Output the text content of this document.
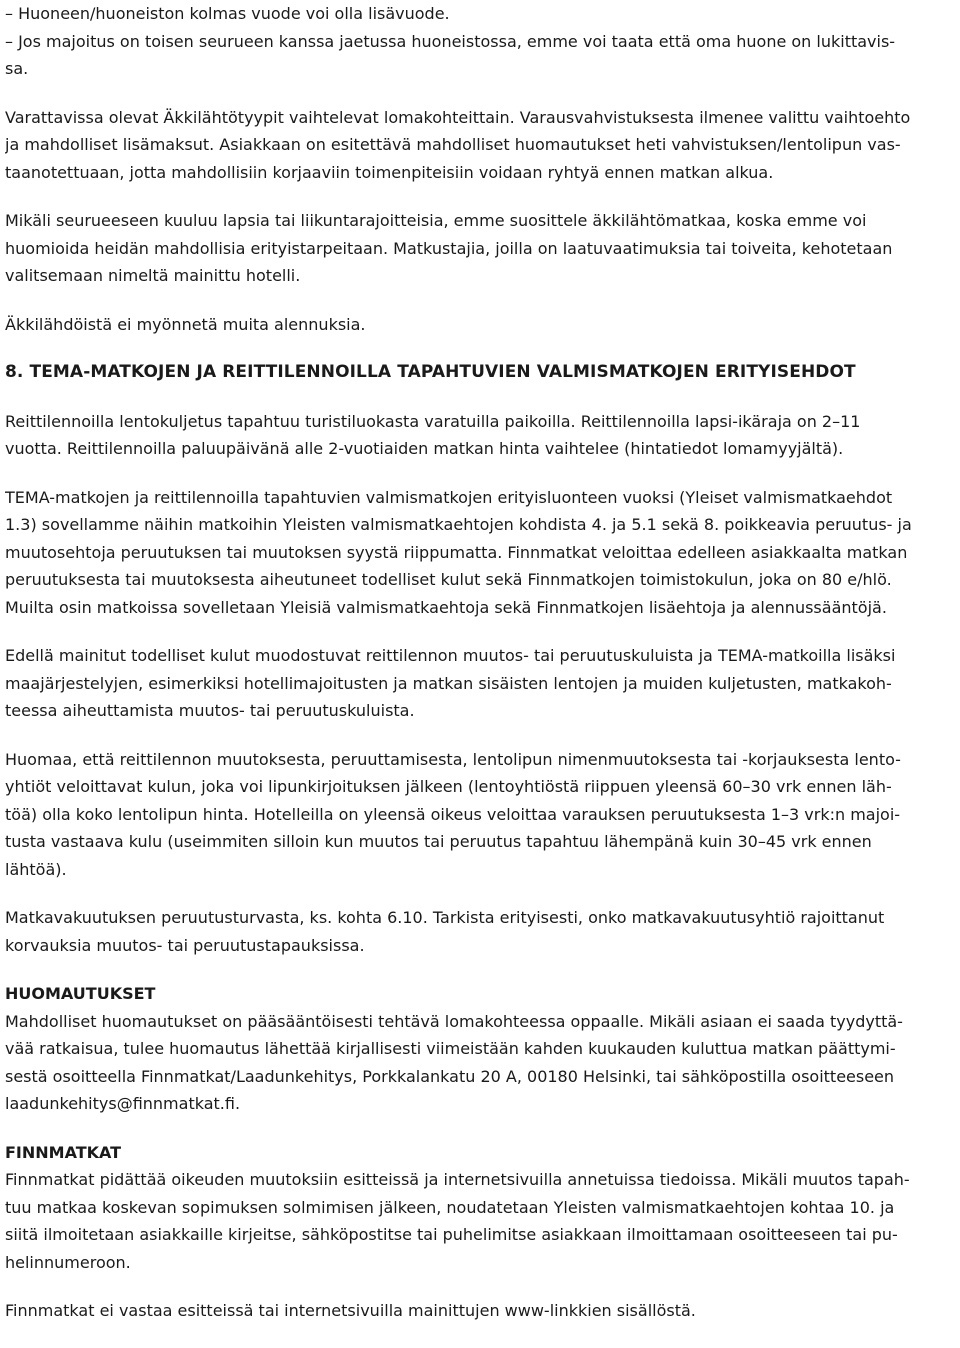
– Huoneen/huoneiston kolmas vuode voi olla lisävuode.
– Jos majoitus on toisen seurueen kanssa jaetussa huoneistossa, emme voi taata että oma huone on lukittavis-
sa.
Varattavissa olevat Äkkilähtötyypit vaihtelevat lomakohteittain. Varausvahvistuksesta ilmenee valittu vaihtoehto
ja mahdolliset lisämaksut. Asiakkaan on esitettävä mahdolliset huomautukset heti vahvistuksen/lentolipun vas-
taanotettuaan, jotta mahdollisiin korjaaviin toimenpiteisiin voidaan ryhtyä ennen matkan alkua.
Mikäli seurueeseen kuuluu lapsia tai liikuntarajoitteisia, emme suosittele äkkilähtömatkaa, koska emme voi
huomioida heidän mahdollisia erityistarpeitaan. Matkustajia, joilla on laatuvaatimuksia tai toiveita, kehotetaan
valitsemaan nimeltä mainittu hotelli.
Äkkilähdöistä ei myönnetä muita alennuksia.
8. TEMA-MATKOJEN JA REITTILENNOILLA TAPAHTUVIEN VALMISMATKOJEN ERITYISEHDOT
Reittilennoilla lentokuljetus tapahtuu turistiluokasta varatuilla paikoilla. Reittilennoilla lapsi-ikäraja on 2–11
vuotta. Reittilennoilla paluupäivänä alle 2-vuotiaiden matkan hinta vaihtelee (hintatiedot lomamyyjältä).
TEMA-matkojen ja reittilennoilla tapahtuvien valmismatkojen erityisluonteen vuoksi (Yleiset valmismatkaehdot
1.3) sovellamme näihin matkoihin Yleisten valmismatkaehtojen kohdista 4. ja 5.1 sekä 8. poikkeavia peruutus- ja
muutosehtoja peruutuksen tai muutoksen syystä riippumatta. Finnmatkat veloittaa edelleen asiakkaalta matkan
peruutuksesta tai muutoksesta aiheutuneet todelliset kulut sekä Finnmatkojen toimistokulun, joka on 80 e/hlö.
Muilta osin matkoissa sovelletaan Yleisiä valmismatkaehtoja sekä Finnmatkojen lisäehtoja ja alennussääntöjä.
Edellä mainitut todelliset kulut muodostuvat reittilennon muutos- tai peruutuskuluista ja TEMA-matkoilla lisäksi
maajärjestelyjen, esimerkiksi hotellimajoitusten ja matkan sisäisten lentojen ja muiden kuljetusten, matkakoh-
teessa aiheuttamista muutos- tai peruutuskuluista.
Huomaa, että reittilennon muutoksesta, peruuttamisesta, lentolipun nimenmuutoksesta tai -korjauksesta lento-
yhtiöt veloittavat kulun, joka voi lipunkirjoituksen jälkeen (lentoyhtiöstä riippuen yleensä 60–30 vrk ennen läh-
töä) olla koko lentolipun hinta. Hotelleilla on yleensä oikeus veloittaa varauksen peruutuksesta 1–3 vrk:n majoi-
tusta vastaava kulu (useimmiten silloin kun muutos tai peruutus tapahtuu lähempänä kuin 30–45 vrk ennen
lähtöä).
Matkavakuutuksen peruutusturvasta, ks. kohta 6.10. Tarkista erityisesti, onko matkavakuutusyhtiö rajoittanut
korvauksia muutos- tai peruutustapauksissa.
HUOMAUTUKSET
Mahdolliset huomautukset on pääsääntöisesti tehtävä lomakohteessa oppaalle. Mikäli asiaan ei saada tyydyttä-
vää ratkaisua, tulee huomautus lähettää kirjallisesti viimeistään kahden kuukauden kuluttua matkan päättymi-
sestä osoitteella Finnmatkat/Laadunkehitys, Porkkalankatu 20 A, 00180 Helsinki, tai sähköpostilla osoitteeseen
laadunkehitys@finnmatkat.fi.
FINNMATKAT
Finnmatkat pidättää oikeuden muutoksiin esitteissä ja internetsivuilla annetuissa tiedoissa. Mikäli muutos tapah-
tuu matkaa koskevan sopimuksen solmimisen jälkeen, noudatetaan Yleisten valmismatkaehtojen kohtaa 10. ja
siitä ilmoitetaan asiakkaille kirjeitse, sähköpostitse tai puhelimitse asiakkaan ilmoittamaan osoitteeseen tai pu-
helinnumeroon.
Finnmatkat ei vastaa esitteissä tai internetsivuilla mainittujen www-linkkien sisällöstä.
